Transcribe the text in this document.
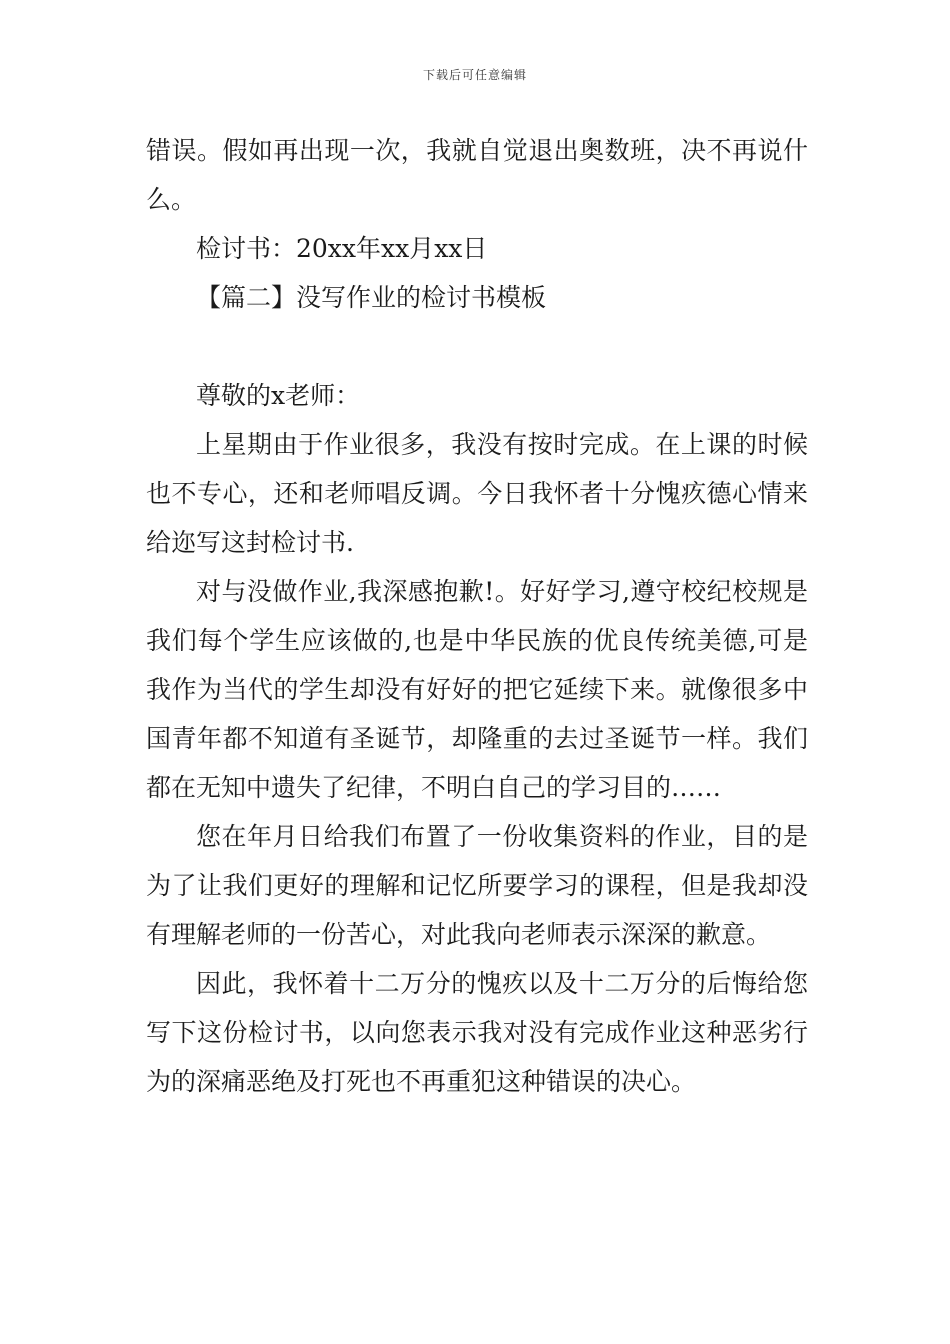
下载后可任意编辑

错误。假如再出现一次，我就自觉退出奥数班，决不再说什么。

检讨书：20xx年xx月xx日

【篇二】没写作业的检讨书模板

尊敬的x老师：

上星期由于作业很多，我没有按时完成。在上课的时候也不专心，还和老师唱反调。今日我怀者十分愧疚德心情来给迩写这封检讨书.

对与没做作业,我深感抱歉!。好好学习,遵守校纪校规是我们每个学生应该做的,也是中华民族的优良传统美德,可是我作为当代的学生却没有好好的把它延续下来。就像很多中国青年都不知道有圣诞节，却隆重的去过圣诞节一样。我们都在无知中遗失了纪律，不明白自己的学习目的……

您在年月日给我们布置了一份收集资料的作业，目的是为了让我们更好的理解和记忆所要学习的课程，但是我却没有理解老师的一份苦心，对此我向老师表示深深的歉意。

因此，我怀着十二万分的愧疚以及十二万分的后悔给您写下这份检讨书，以向您表示我对没有完成作业这种恶劣行为的深痛恶绝及打死也不再重犯这种错误的决心。
